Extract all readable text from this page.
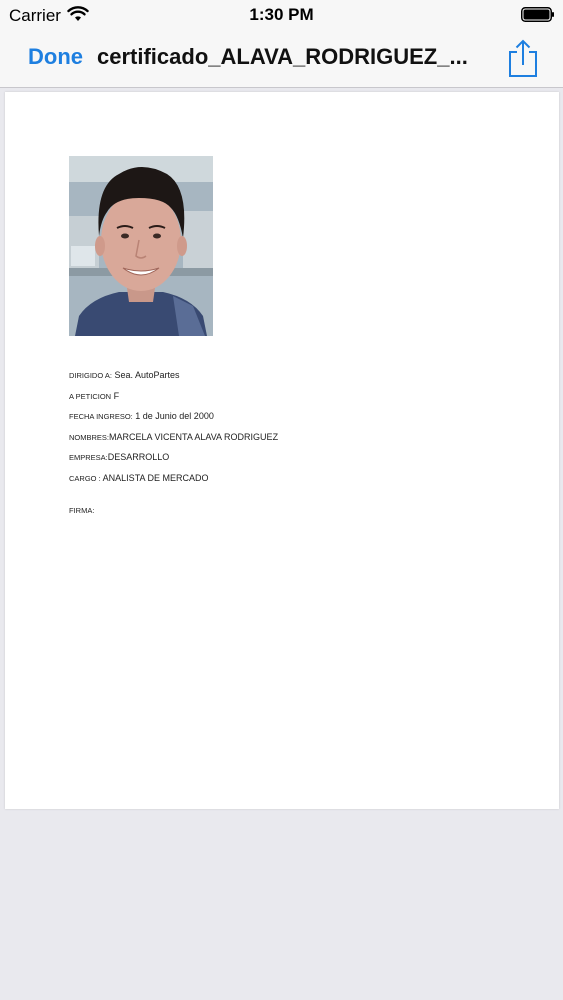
Carrier	1:30 PM
Done certificado_ALAVA_RODRIGUEZ_...
DIRIGIDO A: Sea. AutoPartes
A PETICION F
FECHA INGRESO: 1 de Junio del 2000
NOMBRES:MARCELA VICENTA ALAVA RODRIGUEZ
EMPRESA:DESARROLLO
CARGO : ANALISTA DE MERCADO
FIRMA:
